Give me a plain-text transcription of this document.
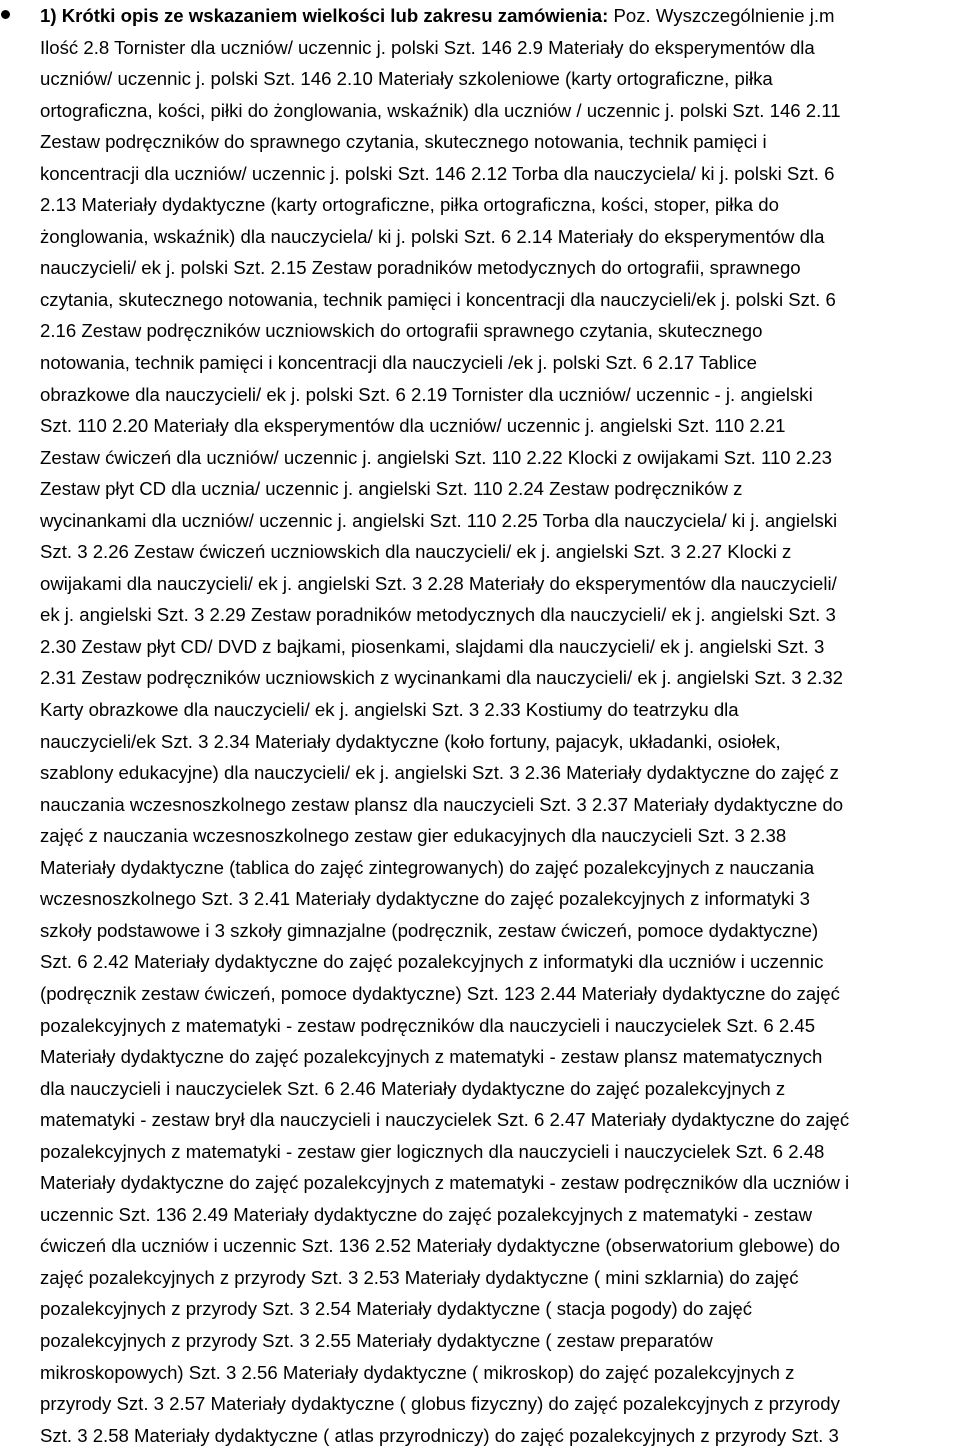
1) Krótki opis ze wskazaniem wielkości lub zakresu zamówienia: Poz. Wyszczególnienie j.m
Ilość 2.8 Tornister dla uczniów/ uczennic j. polski Szt. 146 2.9 Materiały do eksperymentów dla
uczniów/ uczennic j. polski Szt. 146 2.10 Materiały szkoleniowe (karty ortograficzne, piłka
ortograficzna, kości, piłki do żonglowania, wskaźnik) dla uczniów / uczennic j. polski Szt. 146 2.11
Zestaw podręczników do sprawnego czytania, skutecznego notowania, technik pamięci i
koncentracji dla uczniów/ uczennic j. polski Szt. 146 2.12 Torba dla nauczyciela/ ki j. polski Szt. 6
2.13 Materiały dydaktyczne (karty ortograficzne, piłka ortograficzna, kości, stoper, piłka do
żonglowania, wskaźnik) dla nauczyciela/ ki j. polski Szt. 6 2.14 Materiały do eksperymentów dla
nauczycieli/ ek j. polski Szt. 2.15 Zestaw poradników metodycznych do ortografii, sprawnego
czytania, skutecznego notowania, technik pamięci i koncentracji dla nauczycieli/ek j. polski Szt. 6
2.16 Zestaw podręczników uczniowskich do ortografii sprawnego czytania, skutecznego
notowania, technik pamięci i koncentracji dla nauczycieli /ek j. polski Szt. 6 2.17 Tablice
obrazkowe dla nauczycieli/ ek j. polski Szt. 6 2.19 Tornister dla uczniów/ uczennic - j. angielski
Szt. 110 2.20 Materiały dla eksperymentów dla uczniów/ uczennic j. angielski Szt. 110 2.21
Zestaw ćwiczeń dla uczniów/ uczennic j. angielski Szt. 110 2.22 Klocki z owijakami Szt. 110 2.23
Zestaw płyt CD dla ucznia/ uczennic j. angielski Szt. 110 2.24 Zestaw podręczników z
wycinankami dla uczniów/ uczennic j. angielski Szt. 110 2.25 Torba dla nauczyciela/ ki j. angielski
Szt. 3 2.26 Zestaw ćwiczeń uczniowskich dla nauczycieli/ ek j. angielski Szt. 3 2.27 Klocki z
owijakami dla nauczycieli/ ek j. angielski Szt. 3 2.28 Materiały do eksperymentów dla nauczycieli/
ek j. angielski Szt. 3 2.29 Zestaw poradników metodycznych dla nauczycieli/ ek j. angielski Szt. 3
2.30 Zestaw płyt CD/ DVD z bajkami, piosenkami, slajdami dla nauczycieli/ ek j. angielski Szt. 3
2.31 Zestaw podręczników uczniowskich z wycinankami dla nauczycieli/ ek j. angielski Szt. 3 2.32
Karty obrazkowe dla nauczycieli/ ek j. angielski Szt. 3 2.33 Kostiumy do teatrzyku dla
nauczycieli/ek Szt. 3 2.34 Materiały dydaktyczne (koło fortuny, pajacyk, układanki, osiołek,
szablony edukacyjne) dla nauczycieli/ ek j. angielski Szt. 3 2.36 Materiały dydaktyczne do zajęć z
nauczania wczesnoszkolnego zestaw plansz dla nauczycieli Szt. 3 2.37 Materiały dydaktyczne do
zajęć z nauczania wczesnoszkolnego zestaw gier edukacyjnych dla nauczycieli Szt. 3 2.38
Materiały dydaktyczne (tablica do zajęć zintegrowanych) do zajęć pozalekcyjnych z nauczania
wczesnoszkolnego Szt. 3 2.41 Materiały dydaktyczne do zajęć pozalekcyjnych z informatyki 3
szkoły podstawowe i 3 szkoły gimnazjalne (podręcznik, zestaw ćwiczeń, pomoce dydaktyczne)
Szt. 6 2.42 Materiały dydaktyczne do zajęć pozalekcyjnych z informatyki dla uczniów i uczennic
(podręcznik zestaw ćwiczeń, pomoce dydaktyczne) Szt. 123 2.44 Materiały dydaktyczne do zajęć
pozalekcyjnych z matematyki - zestaw podręczników dla nauczycieli i nauczycielek Szt. 6 2.45
Materiały dydaktyczne do zajęć pozalekcyjnych z matematyki - zestaw plansz matematycznych
dla nauczycieli i nauczycielek Szt. 6 2.46 Materiały dydaktyczne do zajęć pozalekcyjnych z
matematyki - zestaw brył dla nauczycieli i nauczycielek Szt. 6 2.47 Materiały dydaktyczne do zajęć
pozalekcyjnych z matematyki - zestaw gier logicznych dla nauczycieli i nauczycielek Szt. 6 2.48
Materiały dydaktyczne do zajęć pozalekcyjnych z matematyki - zestaw podręczników dla uczniów i
uczennic Szt. 136 2.49 Materiały dydaktyczne do zajęć pozalekcyjnych z matematyki - zestaw
ćwiczeń dla uczniów i uczennic Szt. 136 2.52 Materiały dydaktyczne (obserwatorium glebowe) do
zajęć pozalekcyjnych z przyrody Szt. 3 2.53 Materiały dydaktyczne ( mini szklarnia) do zajęć
pozalekcyjnych z przyrody Szt. 3 2.54 Materiały dydaktyczne ( stacja pogody) do zajęć
pozalekcyjnych z przyrody Szt. 3 2.55 Materiały dydaktyczne ( zestaw preparatów
mikroskopowych) Szt. 3 2.56 Materiały dydaktyczne ( mikroskop) do zajęć pozalekcyjnych z
przyrody Szt. 3 2.57 Materiały dydaktyczne ( globus fizyczny) do zajęć pozalekcyjnych z przyrody
Szt. 3 2.58 Materiały dydaktyczne ( atlas przyrodniczy) do zajęć pozalekcyjnych z przyrody Szt. 3
